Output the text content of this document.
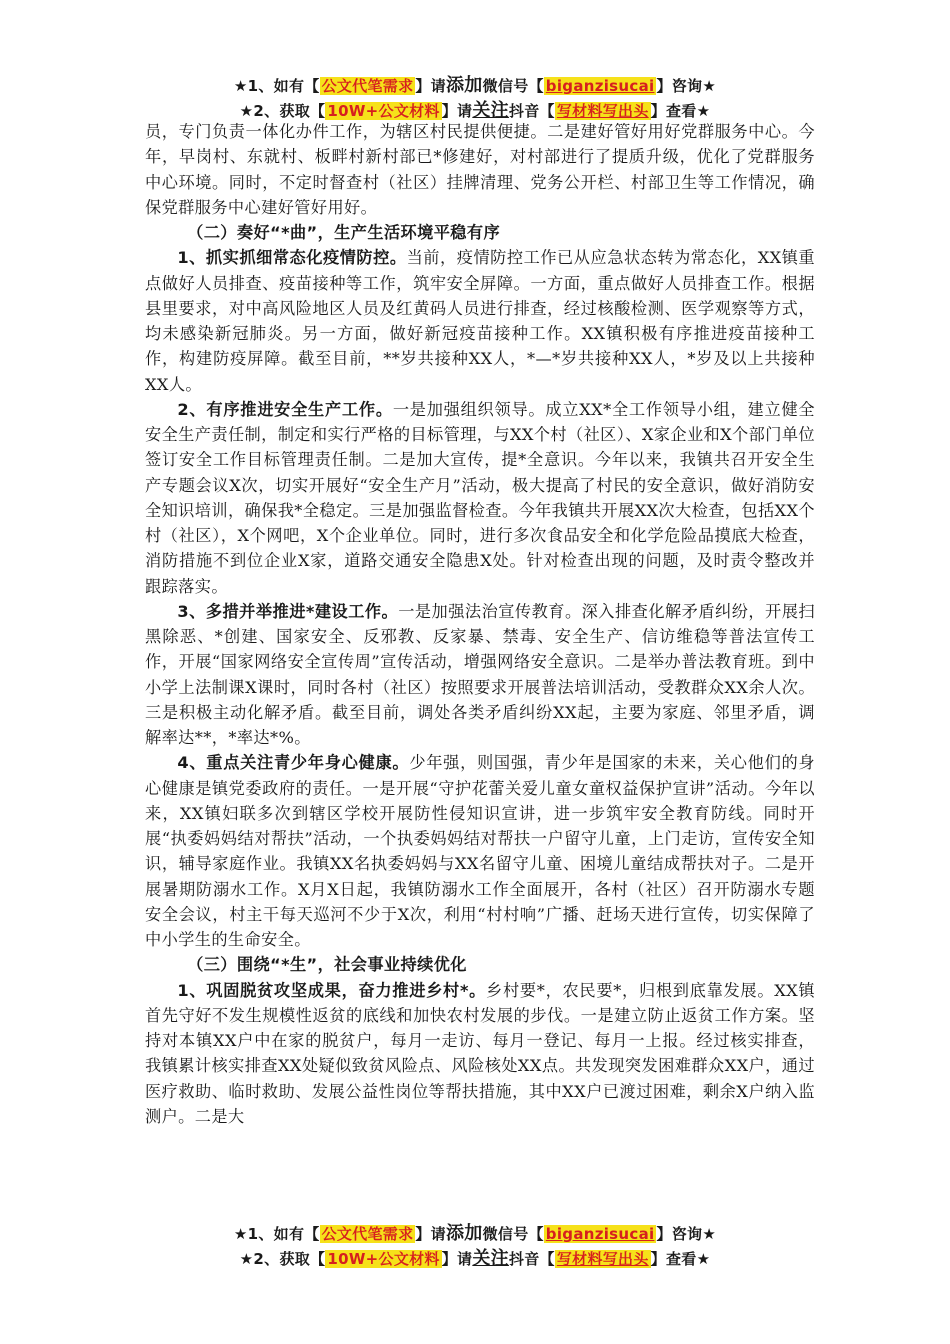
★1、如有【 公文代笔需求 】请添加微信号【 biganzisucai 】咨询★
★2、获取【 10W+公文材料 】请关注抖音【 写材料写出头 】查看★

员，专门负责一体化办件工作，为辖区村民提供便捷。二是建好管好用好党群服务中心。今年，早岗村、东就村、板畔村新村部已*修建好，对村部进行了提质升级，优化了党群服务中心环境。同时，不定时督查村（社区）挂牌清理、党务公开栏、村部卫生等工作情况，确保党群服务中心建好管好用好。

（二）奏好“*曲”，生产生活环境平稳有序

1、抓实抓细常态化疫情防控。当前，疫情防控工作已从应急状态转为常态化，XX镇重点做好人员排查、疫苗接种等工作，筑牢安全屏障。一方面，重点做好人员排查工作。根据县里要求，对中高风险地区人员及红黄码人员进行排查，经过核酸检测、医学观察等方式，均未感染新冠肺炎。另一方面，做好新冠疫苗接种工作。XX镇积极有序推进疫苗接种工作，构建防疫屏障。截至目前，**岁共接种XX人，*—*岁共接种XX人，*岁及以上共接种XX人。

2、有序推进安全生产工作。一是加强组织领导。成立XX*全工作领导小组，建立健全安全生产责任制，制定和实行严格的目标管理，与XX个村（社区）、X家企业和X个部门单位签订安全工作目标管理责任制。二是加大宣传，提*全意识。今年以来，我镇共召开安全生产专题会议X次，切实开展好“安全生产月”活动，极大提高了村民的安全意识，做好消防安全知识培训，确保我*全稳定。三是加强监督检查。今年我镇共开展XX次大检查，包括XX个村（社区），X个网吧，X个企业单位。同时，进行多次食品安全和化学危险品摸底大检查，消防措施不到位企业X家，道路交通安全隐患X处。针对检查出现的问题，及时责令整改并跟踪落实。

3、多措并举推进*建设工作。一是加强法治宣传教育。深入排查化解矛盾纠纷，开展扫黑除恶、*创建、国家安全、反邪教、反家暴、禁毒、安全生产、信访维稳等普法宣传工作，开展“国家网络安全宣传周”宣传活动，增强网络安全意识。二是举办普法教育班。到中小学上法制课X课时，同时各村（社区）按照要求开展普法培训活动，受教群众XX余人次。三是积极主动化解矛盾。截至目前，调处各类矛盾纠纷XX起，主要为家庭、邻里矛盾，调解率达**，*率达*%。

4、重点关注青少年身心健康。少年强，则国强，青少年是国家的未来，关心他们的身心健康是镇党委政府的责任。一是开展“守护花蕾关爱儿童女童权益保护宣讲”活动。今年以来，XX镇妇联多次到辖区学校开展防性侵知识宣讲，进一步筑牢安全教育防线。同时开展“执委妈妈结对帮扶”活动，一个执委妈妈结对帮扶一户留守儿童，上门走访，宣传安全知识，辅导家庭作业。我镇XX名执委妈妈与XX名留守儿童、困境儿童结成帮扶对子。二是开展暑期防溺水工作。X月X日起，我镇防溺水工作全面展开，各村（社区）召开防溺水专题安全会议，村主干每天巡河不少于X次，利用“村村响”广播、赶场天进行宣传，切实保障了中小学生的生命安全。

（三）围绕“*生”，社会事业持续优化

1、巩固脱贫攻坚成果，奋力推进乡村*。乡村要*，农民要*，归根到底靠发展。XX镇首先守好不发生规模性返贫的底线和加快农村发展的步伐。一是建立防止返贫工作方案。坚持对本镇XX户中在家的脱贫户，每月一走访、每月一登记、每月一上报。经过核实排查，我镇累计核实排查XX处疑似致贫风险点、风险核处XX点。共发现突发困难群众XX户，通过医疗救助、临时救助、发展公益性岗位等帮扶措施，其中XX户已渡过困难，剩余X户纳入监测户。二是大

★1、如有【 公文代笔需求 】请添加微信号【 biganzisucai 】咨询★
★2、获取【 10W+公文材料 】请关注抖音【 写材料写出头 】查看★
